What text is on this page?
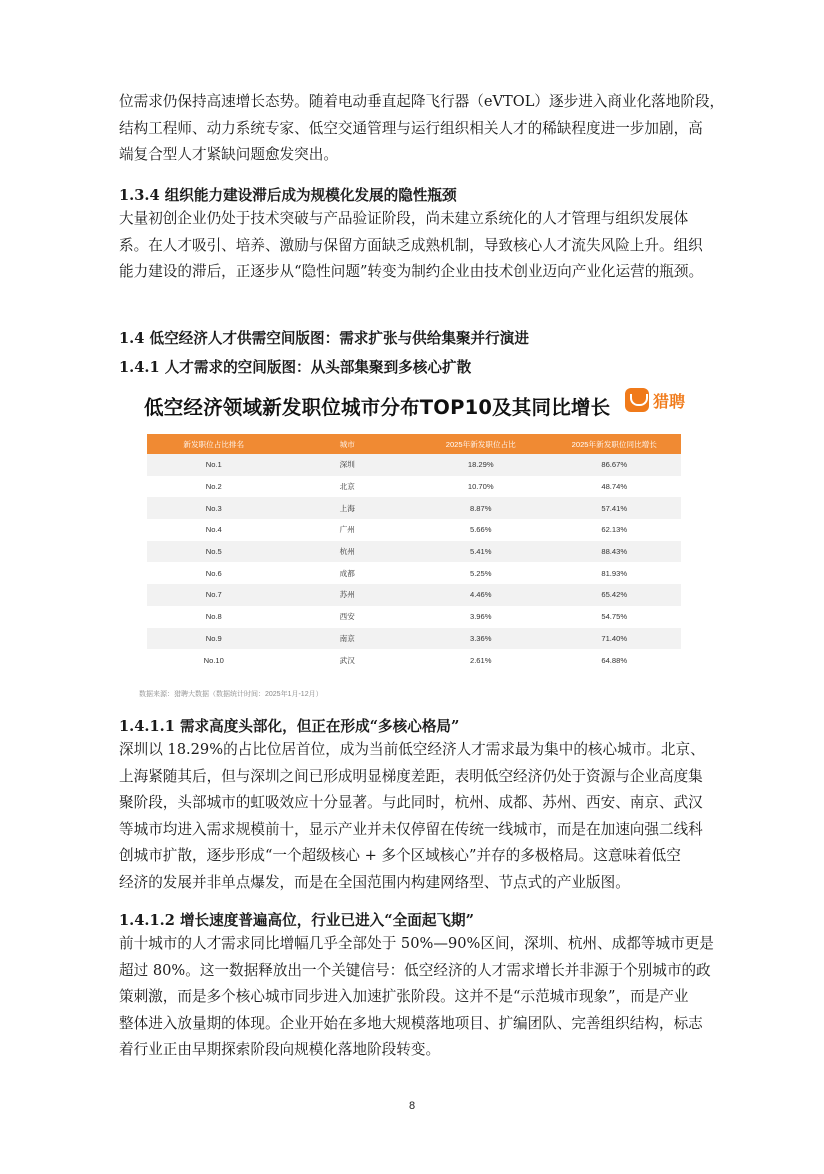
位需求仍保持高速增长态势。随着电动垂直起降飞行器（eVTOL）逐步进入商业化落地阶段，
结构工程师、动力系统专家、低空交通管理与运行组织相关人才的稀缺程度进一步加剧，高
端复合型人才紧缺问题愈发突出。
1.3.4 组织能力建设滞后成为规模化发展的隐性瓶颈
大量初创企业仍处于技术突破与产品验证阶段，尚未建立系统化的人才管理与组织发展体
系。在人才吸引、培养、激励与保留方面缺乏成熟机制，导致核心人才流失风险上升。组织
能力建设的滞后，正逐步从“隐性问题”转变为制约企业由技术创业迈向产业化运营的瓶颈。
1.4 低空经济人才供需空间版图：需求扩张与供给集聚并行演进
1.4.1 人才需求的空间版图：从头部集聚到多核心扩散
低空经济领域新发职位城市分布TOP10及其同比增长	猎聘
新发职位占比排名	城市	2025年新发职位占比	2025年新发职位同比增长
No.1	深圳	18.29%	86.67%
No.2	北京	10.70%	48.74%
No.3	上海	8.87%	57.41%
No.4	广州	5.66%	62.13%
No.5	杭州	5.41%	88.43%
No.6	成都	5.25%	81.93%
No.7	苏州	4.46%	65.42%
No.8	西安	3.96%	54.75%
No.9	南京	3.36%	71.40%
No.10	武汉	2.61%	64.88%
数据来源：猎聘大数据（数据统计时间：2025年1月-12月）
1.4.1.1 需求高度头部化，但正在形成“多核心格局”
深圳以 18.29%的占比位居首位，成为当前低空经济人才需求最为集中的核心城市。北京、
上海紧随其后，但与深圳之间已形成明显梯度差距，表明低空经济仍处于资源与企业高度集
聚阶段，头部城市的虹吸效应十分显著。与此同时，杭州、成都、苏州、西安、南京、武汉
等城市均进入需求规模前十，显示产业并未仅停留在传统一线城市，而是在加速向强二线科
创城市扩散，逐步形成“一个超级核心 + 多个区域核心”并存的多极格局。这意味着低空
经济的发展并非单点爆发，而是在全国范围内构建网络型、节点式的产业版图。
1.4.1.2 增长速度普遍高位，行业已进入“全面起飞期”
前十城市的人才需求同比增幅几乎全部处于 50%—90%区间，深圳、杭州、成都等城市更是
超过 80%。这一数据释放出一个关键信号：低空经济的人才需求增长并非源于个别城市的政
策刺激，而是多个核心城市同步进入加速扩张阶段。这并不是“示范城市现象”，而是产业
整体进入放量期的体现。企业开始在多地大规模落地项目、扩编团队、完善组织结构，标志
着行业正由早期探索阶段向规模化落地阶段转变。
8
